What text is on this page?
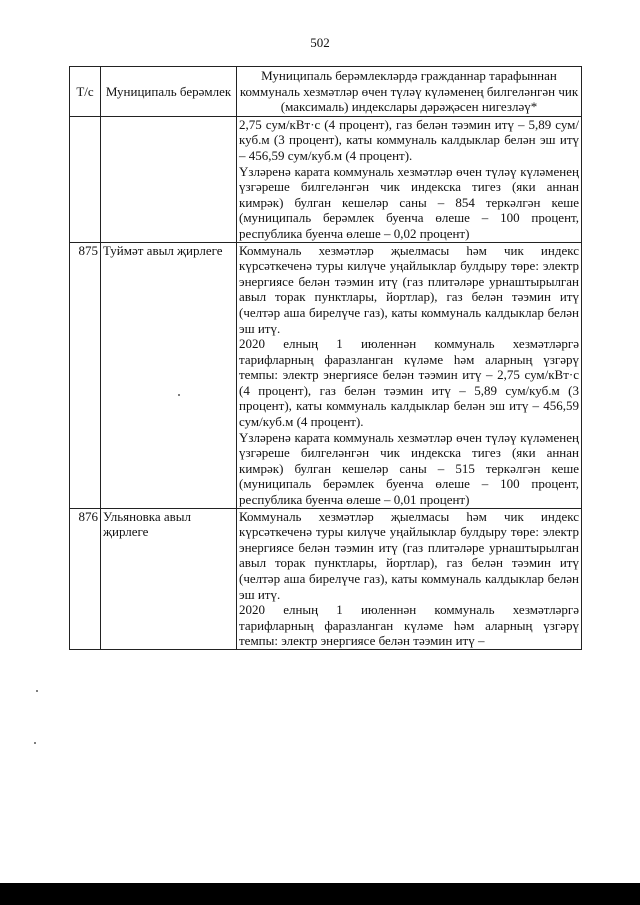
502
Т/с	Муниципаль берәмлек	Муниципаль берәмлекләрдә гражданнар тарафыннан коммуналь хезмәтләр өчен түләү күләменең билгеләнгән чик (максималь) индекслары дәрәҗәсен нигезләү*

		2,75 сум/кВт·с (4 процент), газ белән тәэмин итү – 5,89 сум/куб.м (3 процент), каты коммуналь калдыклар белән эш итү – 456,59 сум/куб.м (4 процент).

Үзләренә карата коммуналь хезмәтләр өчен түләү күләменең үзгәреше билгеләнгән чик индекска тигез (яки аннан кимрәк) булган кешеләр саны – 854 теркәлгән кеше (муниципаль берәмлек буенча өлеше – 100 процент, республика буенча өлеше – 0,02 процент)

875	Туймәт авыл җирлеге	Коммуналь хезмәтләр җыелмасы һәм чик индекс күрсәткеченә туры килүче уңайлыклар булдыру төре: электр энергиясе белән тәэмин итү (газ плитәләре урнаштырылган авыл торак пунктлары, йортлар), газ белән тәэмин итү (челтәр аша бирелүче газ), каты коммуналь калдыклар белән эш итү.

2020 елның 1 июленнән коммуналь хезмәтләргә тарифларның фаразланган күләме һәм аларның үзгәрү темпы: электр энергиясе белән тәэмин итү – 2,75 сум/кВт·с (4 процент), газ белән тәэмин итү – 5,89 сум/куб.м (3 процент), каты коммуналь калдыклар белән эш итү – 456,59 сум/куб.м (4 процент).

Үзләренә карата коммуналь хезмәтләр өчен түләү күләменең үзгәреше билгеләнгән чик индекска тигез (яки аннан кимрәк) булган кешеләр саны – 515 теркәлгән кеше (муниципаль берәмлек буенча өлеше – 100 процент, республика буенча өлеше – 0,01 процент)

876	Ульяновка авыл җирлеге	Коммуналь хезмәтләр җыелмасы һәм чик индекс күрсәткеченә туры килүче уңайлыклар булдыру төре: электр энергиясе белән тәэмин итү (газ плитәләре урнаштырылган авыл торак пунктлары, йортлар), газ белән тәэмин итү (челтәр аша бирелүче газ), каты коммуналь калдыклар белән эш итү.

2020 елның 1 июленнән коммуналь хезмәтләргә тарифларның фаразланган күләме һәм аларның үзгәрү темпы: электр энергиясе белән тәэмин итү –
